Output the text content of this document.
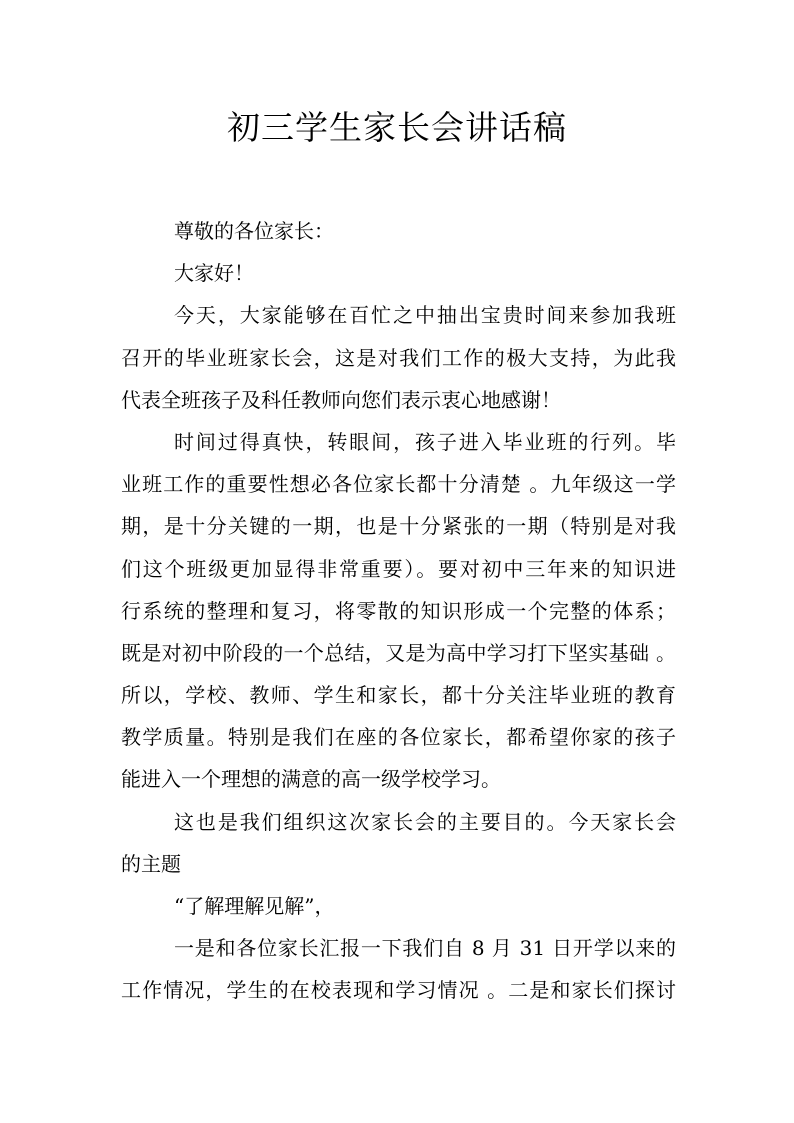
初三学生家长会讲话稿

尊敬的各位家长：

大家好！

今天，大家能够在百忙之中抽出宝贵时间来参加我班

召开的毕业班家长会，这是对我们工作的极大支持，为此我

代表全班孩子及科任教师向您们表示衷心地感谢！

时间过得真快，转眼间，孩子进入毕业班的行列。毕

业班工作的重要性想必各位家长都十分清楚 。九年级这一学

期，是十分关键的一期，也是十分紧张的一期（特别是对我

们这个班级更加显得非常重要）。要对初中三年来的知识进

行系统的整理和复习，将零散的知识形成一个完整的体系；

既是对初中阶段的一个总结，又是为高中学习打下坚实基础 。

所以，学校、教师、学生和家长，都十分关注毕业班的教育

教学质量。特别是我们在座的各位家长，都希望你家的孩子

能进入一个理想的满意的高一级学校学习。

这也是我们组织这次家长会的主要目的。今天家长会

的主题

“了解理解见解”，

一是和各位家长汇报一下我们自 8 月 31 日开学以来的

工作情况，学生的在校表现和学习情况 。二是和家长们探讨
